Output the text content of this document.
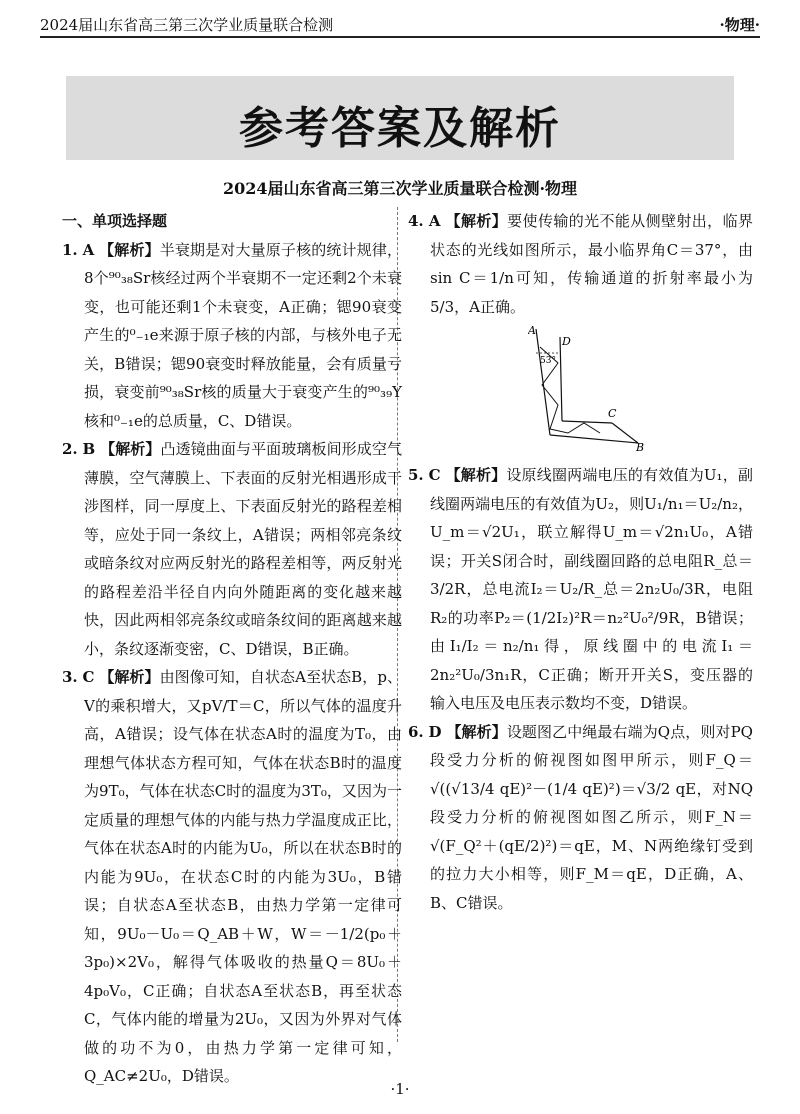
2024届山东省高三第三次学业质量联合检测	·物理·
参考答案及解析
2024届山东省高三第三次学业质量联合检测·物理
一、单项选择题

1. A 【解析】半衰期是对大量原子核的统计规律，8个⁹⁰₃₈Sr核经过两个半衰期不一定还剩2个未衰变，也可能还剩1个未衰变，A正确；锶90衰变产生的⁰₋₁e来源于原子核的内部，与核外电子无关，B错误；锶90衰变时释放能量，会有质量亏损，衰变前⁹⁰₃₈Sr核的质量大于衰变产生的⁹⁰₃₉Y核和⁰₋₁e的总质量，C、D错误。

2. B 【解析】凸透镜曲面与平面玻璃板间形成空气薄膜，空气薄膜上、下表面的反射光相遇形成干涉图样，同一厚度上、下表面反射光的路程差相等，应处于同一条纹上，A错误；两相邻亮条纹或暗条纹对应两反射光的路程差相等，两反射光的路程差沿半径自内向外随距离的变化越来越快，因此两相邻亮条纹或暗条纹间的距离越来越小，条纹逐渐变密，C、D错误，B正确。

3. C 【解析】由图像可知，自状态A至状态B，p、V的乘积增大，又pV/T＝C，所以气体的温度升高，A错误；设气体在状态A时的温度为T₀，由理想气体状态方程可知，气体在状态B时的温度为9T₀，气体在状态C时的温度为3T₀，又因为一定质量的理想气体的内能与热力学温度成正比，气体在状态A时的内能为U₀，所以在状态B时的内能为9U₀，在状态C时的内能为3U₀，B错误；自状态A至状态B，由热力学第一定律可知，9U₀－U₀＝Q_AB＋W，W＝－1/2(p₀＋3p₀)×2V₀，解得气体吸收的热量Q＝8U₀＋4p₀V₀，C正确；自状态A至状态B，再至状态C，气体内能的增量为2U₀，又因为外界对气体做的功不为0，由热力学第一定律可知，Q_AC≠2U₀，D错误。

4. A 【解析】要使传输的光不能从侧壁射出，临界状态的光线如图所示，最小临界角C＝37°，由sin C＝1/n可知，传输通道的折射率最小为5/3，A正确。

A
D
53°
C
B

5. C 【解析】设原线圈两端电压的有效值为U₁，副线圈两端电压的有效值为U₂，则U₁/n₁＝U₂/n₂，U_m＝√2U₁，联立解得U_m＝√2n₁U₀，A错误；开关S闭合时，副线圈回路的总电阻R_总＝3/2R，总电流I₂＝U₂/R_总＝2n₂U₀/3R，电阻R₂的功率P₂＝(1/2I₂)²R＝n₂²U₀²/9R，B错误；由I₁/I₂＝n₂/n₁得，原线圈中的电流I₁＝2n₂²U₀/3n₁R，C正确；断开开关S，变压器的输入电压及电压表示数均不变，D错误。

6. D 【解析】设题图乙中绳最右端为Q点，则对PQ段受力分析的俯视图如图甲所示，则F_Q＝√((√13/4 qE)²－(1/4 qE)²)＝√3/2 qE，对NQ段受力分析的俯视图如图乙所示，则F_N＝√(F_Q²＋(qE/2)²)＝qE，M、N两绝缘钉受到的拉力大小相等，则F_M＝qE，D正确，A、B、C错误。

·1·
